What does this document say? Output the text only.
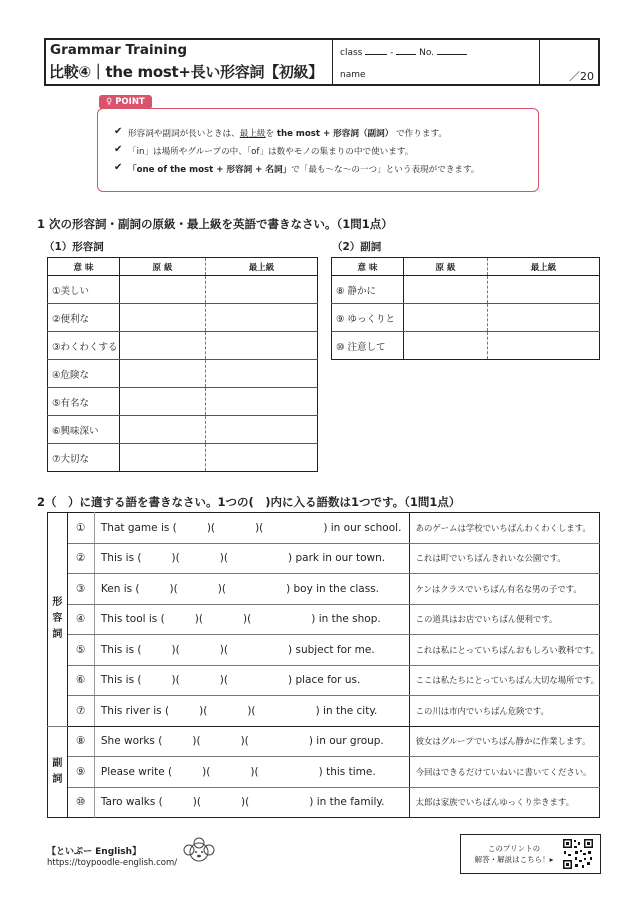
Grammar Training
比較④｜the most+長い形容詞【初級】
class	-	No.
name	／20
♀ POINT
✔ 形容詞や副詞が長いときは、最上級を the most + 形容詞（副詞） で作ります。
✔ 「in」は場所やグループの中、「of」は数やモノの集まりの中で使います。
✔ 「one of the most + 形容詞 + 名詞」で「最も～な～の一つ」という表現ができます。
1 次の形容詞・副詞の原級・最上級を英語で書きなさい。（1問1点）
（1）形容詞	（2）副詞
意 味	原 級	最上級
①美しい		
②便利な		
③わくわくする		
④危険な		
⑤有名な		
⑥興味深い		
⑦大切な		
意 味	原 級	最上級
⑧ 静かに		
⑨ ゆっくりと		
⑩ 注意して		
2（　）に適する語を書きなさい。1つの(　)内に入る語数は1つです。（1問1点）
形容詞	①	That game is (         )(            )(                  ) in our school.	あのゲームは学校でいちばんわくわくします。
	②	This is (         )(            )(                  ) park in our town.	これは町でいちばんきれいな公園です。
	③	Ken is (         )(            )(                  ) boy in the class.	ケンはクラスでいちばん有名な男の子です。
	④	This tool is (         )(            )(                  ) in the shop.	この道具はお店でいちばん便利です。
	⑤	This is (         )(            )(                  ) subject for me.	これは私にとっていちばんおもしろい教科です。
	⑥	This is (         )(            )(                  ) place for us.	ここは私たちにとっていちばん大切な場所です。
	⑦	This river is (         )(            )(                  ) in the city.	この川は市内でいちばん危険です。
副詞	⑧	She works (         )(            )(                  ) in our group.	彼女はグループでいちばん静かに作業します。
	⑨	Please write (         )(            )(                  ) this time.	今回はできるだけていねいに書いてください。
	⑩	Taro walks (         )(            )(                  ) in the family.	太郎は家族でいちばんゆっくり歩きます。
【といぷー English】
https://toypoodle-english.com/
このプリントの
解答・解説はこちら！▸
